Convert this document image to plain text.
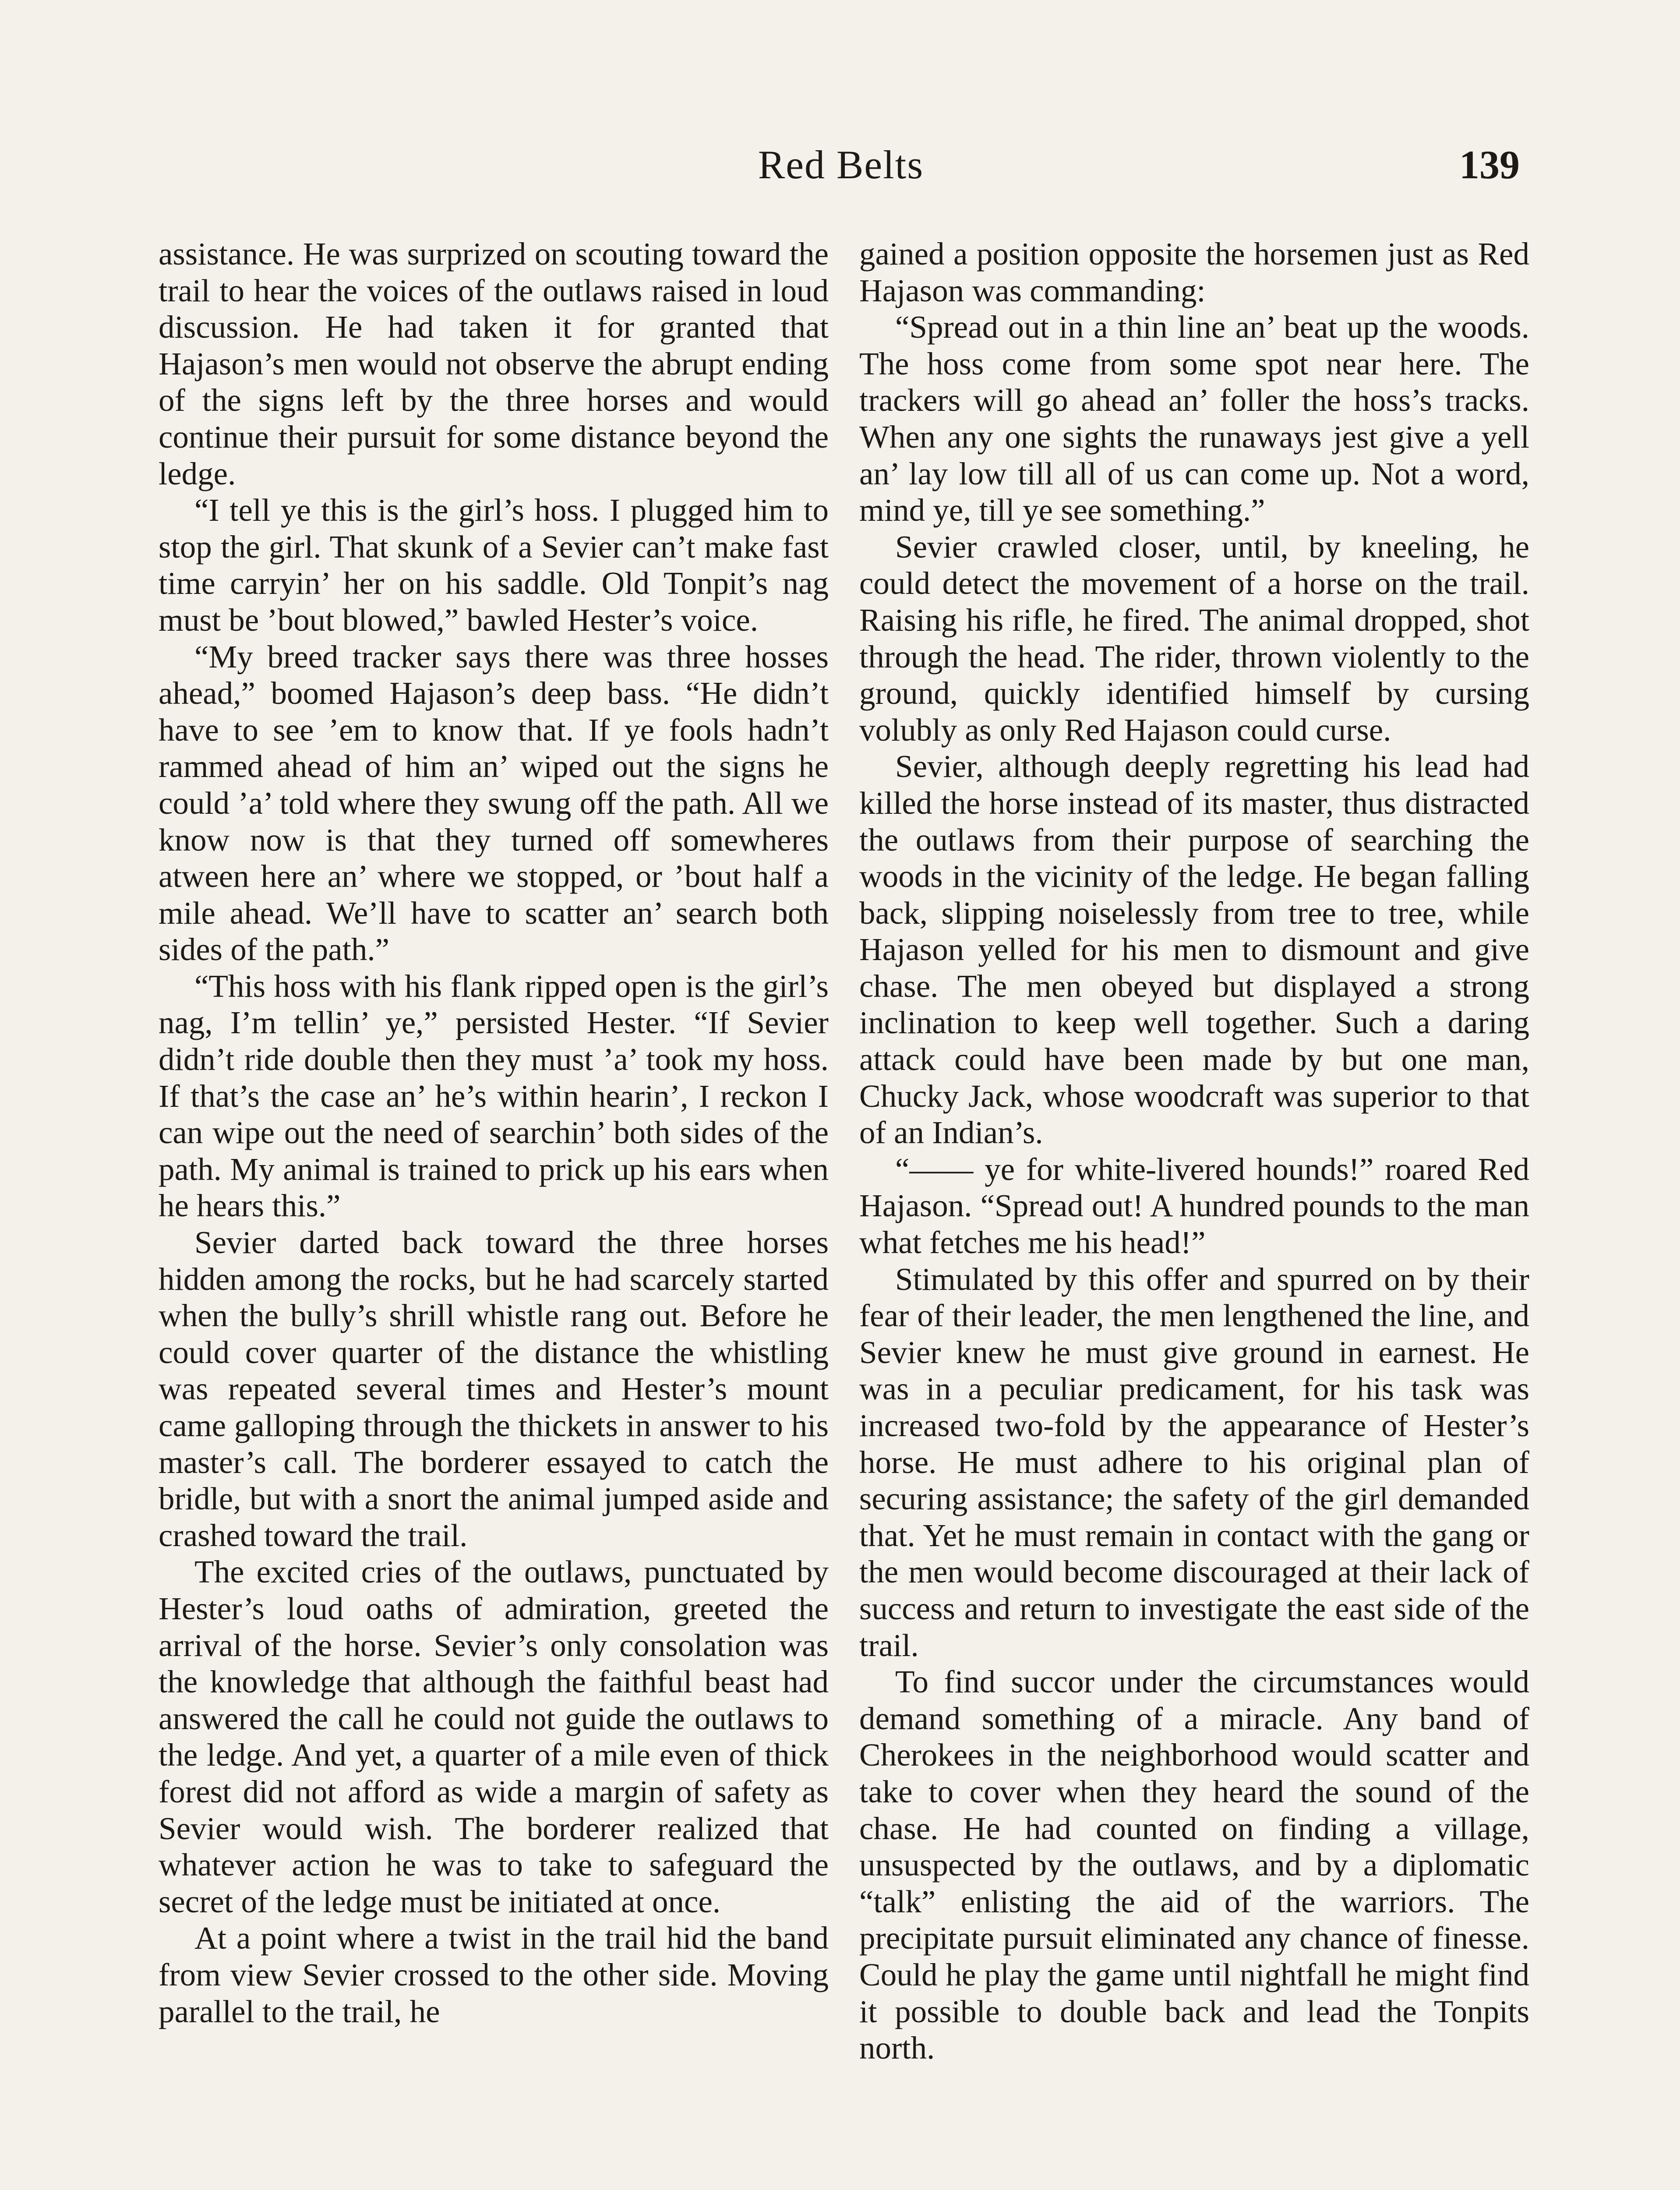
Red Belts	139

assistance. He was surprized on scouting toward the trail to hear the voices of the outlaws raised in loud discussion. He had taken it for granted that Hajason’s men would not observe the abrupt ending of the signs left by the three horses and would continue their pursuit for some distance beyond the ledge.

“I tell ye this is the girl’s hoss. I plugged him to stop the girl. That skunk of a Sevier can’t make fast time carryin’ her on his saddle. Old Tonpit’s nag must be ’bout blowed,” bawled Hester’s voice.

“My breed tracker says there was three hosses ahead,” boomed Hajason’s deep bass. “He didn’t have to see ’em to know that. If ye fools hadn’t rammed ahead of him an’ wiped out the signs he could ’a’ told where they swung off the path. All we know now is that they turned off somewheres atween here an’ where we stopped, or ’bout half a mile ahead. We’ll have to scatter an’ search both sides of the path.”

“This hoss with his flank ripped open is the girl’s nag, I’m tellin’ ye,” persisted Hester. “If Sevier didn’t ride double then they must ’a’ took my hoss. If that’s the case an’ he’s within hearin’, I reckon I can wipe out the need of searchin’ both sides of the path. My animal is trained to prick up his ears when he hears this.”

Sevier darted back toward the three horses hidden among the rocks, but he had scarcely started when the bully’s shrill whistle rang out. Before he could cover quarter of the distance the whistling was repeated several times and Hester’s mount came galloping through the thickets in answer to his master’s call. The borderer essayed to catch the bridle, but with a snort the animal jumped aside and crashed toward the trail.

The excited cries of the outlaws, punctuated by Hester’s loud oaths of admiration, greeted the arrival of the horse. Sevier’s only consolation was the knowledge that although the faithful beast had answered the call he could not guide the outlaws to the ledge. And yet, a quarter of a mile even of thick forest did not afford as wide a margin of safety as Sevier would wish. The borderer realized that whatever action he was to take to safeguard the secret of the ledge must be initiated at once.

At a point where a twist in the trail hid the band from view Sevier crossed to the other side. Moving parallel to the trail, he

gained a position opposite the horsemen just as Red Hajason was commanding:

“Spread out in a thin line an’ beat up the woods. The hoss come from some spot near here. The trackers will go ahead an’ foller the hoss’s tracks. When any one sights the runaways jest give a yell an’ lay low till all of us can come up. Not a word, mind ye, till ye see something.”

Sevier crawled closer, until, by kneeling, he could detect the movement of a horse on the trail. Raising his rifle, he fired. The animal dropped, shot through the head. The rider, thrown violently to the ground, quickly identified himself by cursing volubly as only Red Hajason could curse.

Sevier, although deeply regretting his lead had killed the horse instead of its master, thus distracted the outlaws from their purpose of searching the woods in the vicinity of the ledge. He began falling back, slipping noiselessly from tree to tree, while Hajason yelled for his men to dismount and give chase. The men obeyed but displayed a strong inclination to keep well together. Such a daring attack could have been made by but one man, Chucky Jack, whose woodcraft was superior to that of an Indian’s.

“—— ye for white-livered hounds!” roared Red Hajason. “Spread out! A hundred pounds to the man what fetches me his head!”

Stimulated by this offer and spurred on by their fear of their leader, the men lengthened the line, and Sevier knew he must give ground in earnest. He was in a peculiar predicament, for his task was increased two-fold by the appearance of Hester’s horse. He must adhere to his original plan of securing assistance; the safety of the girl demanded that. Yet he must remain in contact with the gang or the men would become discouraged at their lack of success and return to investigate the east side of the trail.

To find succor under the circumstances would demand something of a miracle. Any band of Cherokees in the neighborhood would scatter and take to cover when they heard the sound of the chase. He had counted on finding a village, unsuspected by the outlaws, and by a diplomatic “talk” enlisting the aid of the warriors. The precipitate pursuit eliminated any chance of finesse. Could he play the game until nightfall he might find it possible to double back and lead the Tonpits north.
